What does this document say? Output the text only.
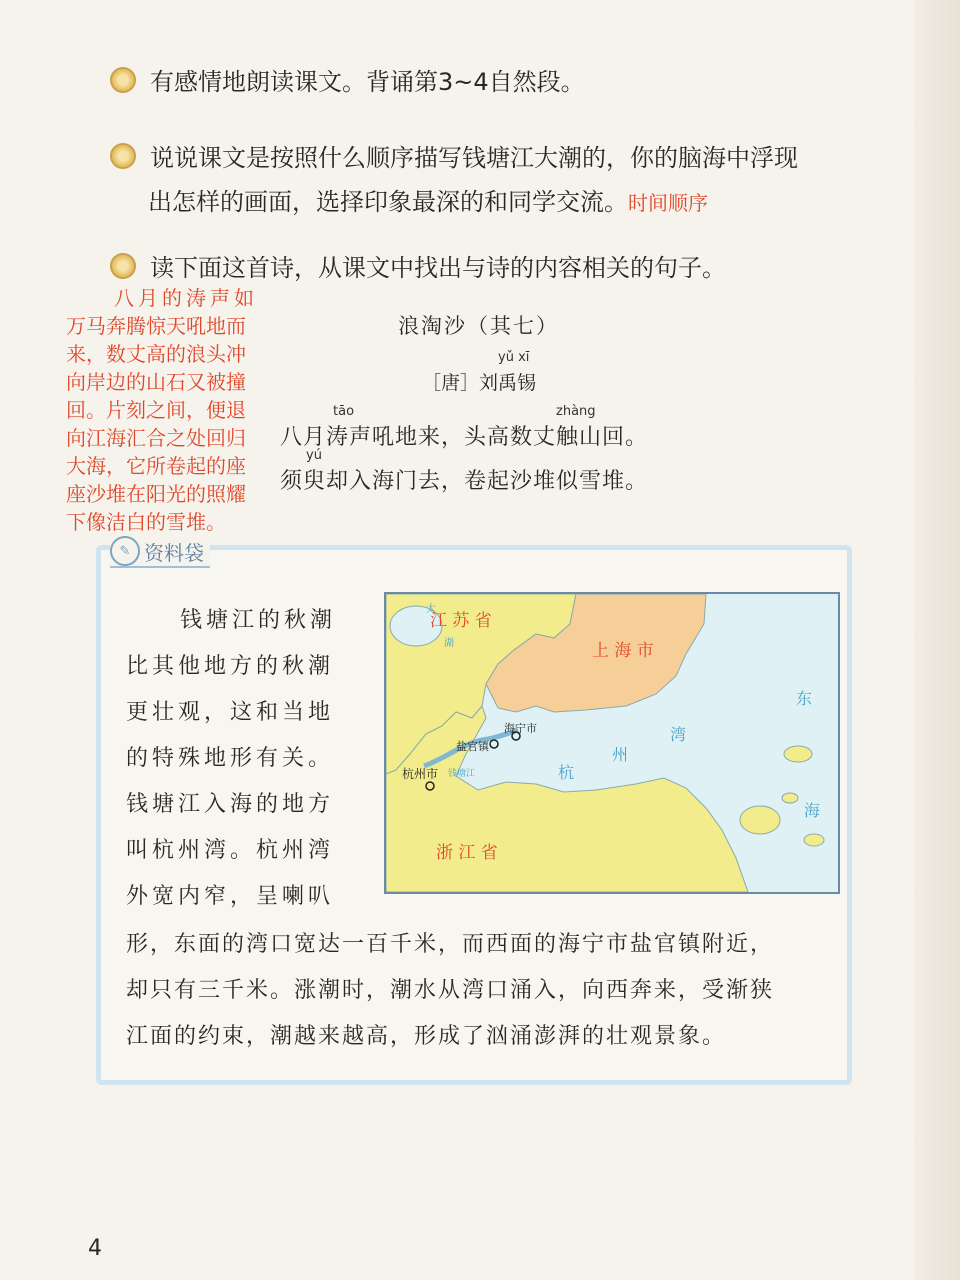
有感情地朗读课文。背诵第3~4自然段。
说说课文是按照什么顺序描写钱塘江大潮的，你的脑海中浮现
出怎样的画面，选择印象最深的和同学交流。时间顺序
读下面这首诗，从课文中找出与诗的内容相关的句子。
八月的涛声如
万马奔腾惊天吼地而
来，数丈高的浪头冲
向岸边的山石又被撞
回。片刻之间，便退
向江海汇合之处回归
大海，它所卷起的座
座沙堆在阳光的照耀
下像洁白的雪堆。
浪淘沙（其七）
yǔ xī
［唐］刘禹锡
tāo	zhàng
八月涛声吼地来，头高数丈触山回。
yú
须臾却入海门去，卷起沙堆似雪堆。
✎ 资料袋
钱塘江的秋潮
比其他地方的秋潮
更壮观，这和当地
的特殊地形有关。
钱塘江入海的地方
叫杭州湾。杭州湾
外宽内窄，呈喇叭
形，东面的湾口宽达一百千米，而西面的海宁市盐官镇附近，
却只有三千米。涨潮时，潮水从湾口涌入，向西奔来，受渐狭
江面的约束，潮越来越高，形成了汹涌澎湃的壮观景象。
江 苏 省
上 海 市
浙 江 省
海宁市
盐官镇
杭州市 钱塘江	杭
州
湾
东
海
太
湖
4
